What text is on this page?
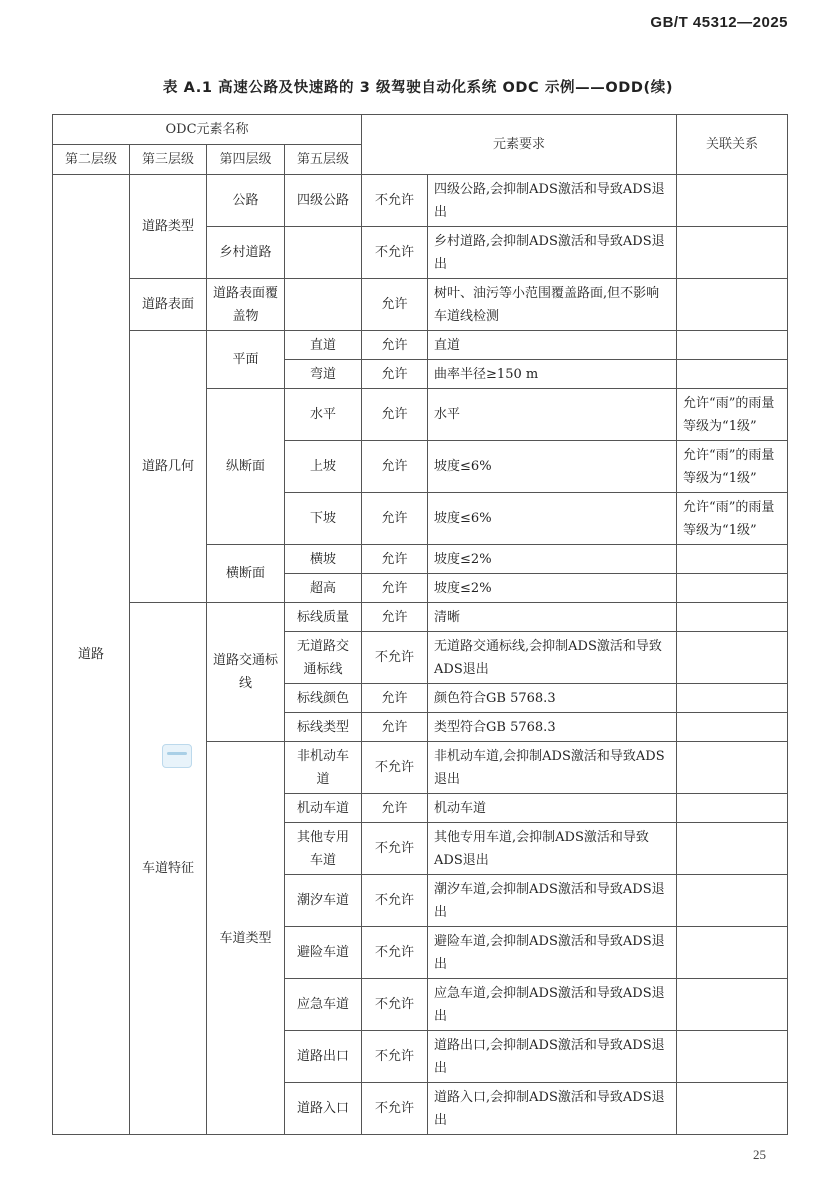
GB/T 45312—2025
表 A.1 高速公路及快速路的 3 级驾驶自动化系统 ODC 示例——ODD(续)
ODC元素名称				元素要求		关联关系
第二层级	第三层级	第四层级	第五层级			
道路	道路类型	公路	四级公路	不允许	四级公路,会抑制ADS激活和导致ADS退出	
		乡村道路		不允许	乡村道路,会抑制ADS激活和导致ADS退出	
	道路表面	道路表面覆盖物		允许	树叶、油污等小范围覆盖路面,但不影响车道线检测	
	道路几何	平面	直道	允许	直道	
			弯道	允许	曲率半径≥150 m	
		纵断面	水平	允许	水平	允许“雨”的雨量等级为“1级”
			上坡	允许	坡度≤6%	允许“雨”的雨量等级为“1级”
			下坡	允许	坡度≤6%	允许“雨”的雨量等级为“1级”
		横断面	横坡	允许	坡度≤2%	
			超高	允许	坡度≤2%	
	车道特征	道路交通标线	标线质量	允许	清晰	
			无道路交通标线	不允许	无道路交通标线,会抑制ADS激活和导致ADS退出	
			标线颜色	允许	颜色符合GB 5768.3	
			标线类型	允许	类型符合GB 5768.3	
		车道类型	非机动车道	不允许	非机动车道,会抑制ADS激活和导致ADS退出	
			机动车道	允许	机动车道	
			其他专用车道	不允许	其他专用车道,会抑制ADS激活和导致ADS退出	
			潮汐车道	不允许	潮汐车道,会抑制ADS激活和导致ADS退出	
			避险车道	不允许	避险车道,会抑制ADS激活和导致ADS退出	
			应急车道	不允许	应急车道,会抑制ADS激活和导致ADS退出	
			道路出口	不允许	道路出口,会抑制ADS激活和导致ADS退出	
			道路入口	不允许	道路入口,会抑制ADS激活和导致ADS退出	
25
